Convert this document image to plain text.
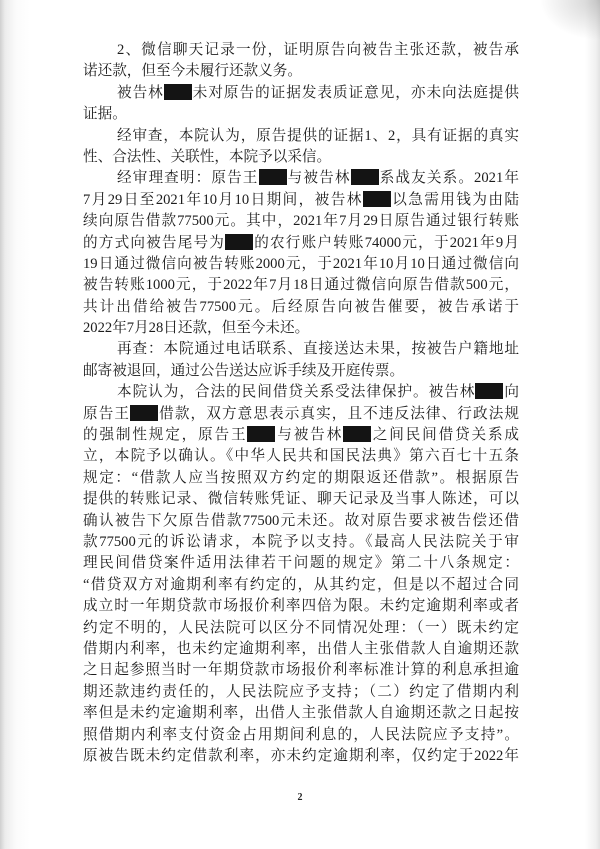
2、微信聊天记录一份，证明原告向被告主张还款，被告承
诺还款，但至今未履行还款义务。
被告林 未对原告的证据发表质证意见，亦未向法庭提供
证据。
经审查，本院认为，原告提供的证据1、2，具有证据的真实
性、合法性、关联性，本院予以采信。
经审理查明：原告王 与被告林 系战友关系。2021年
7月29日至2021年10月10日期间，被告林 以急需用钱为由陆
续向原告借款77500元。其中，2021年7月29日原告通过银行转账
的方式向被告尾号为 的农行账户转账74000元，于2021年9月
19日通过微信向被告转账2000元，于2021年10月10日通过微信向
被告转账1000元，于2022年7月18日通过微信向原告借款500元，
共计出借给被告77500元。后经原告向被告催要，被告承诺于
2022年7月28日还款，但至今未还。
再查：本院通过电话联系、直接送达未果，按被告户籍地址
邮寄被退回，通过公告送达应诉手续及开庭传票。
本院认为，合法的民间借贷关系受法律保护。被告林 向
原告王 借款，双方意思表示真实，且不违反法律、行政法规
的强制性规定，原告王 与被告林 之间民间借贷关系成
立，本院予以确认。《中华人民共和国民法典》第六百七十五条
规定：“借款人应当按照双方约定的期限返还借款”。根据原告
提供的转账记录、微信转账凭证、聊天记录及当事人陈述，可以
确认被告下欠原告借款77500元未还。故对原告要求被告偿还借
款77500元的诉讼请求，本院予以支持。《最高人民法院关于审
理民间借贷案件适用法律若干问题的规定》第二十八条规定：
“借贷双方对逾期利率有约定的，从其约定，但是以不超过合同
成立时一年期贷款市场报价利率四倍为限。未约定逾期利率或者
约定不明的，人民法院可以区分不同情况处理：（一）既未约定
借期内利率，也未约定逾期利率，出借人主张借款人自逾期还款
之日起参照当时一年期贷款市场报价利率标准计算的利息承担逾
期还款违约责任的，人民法院应予支持；（二）约定了借期内利
率但是未约定逾期利率，出借人主张借款人自逾期还款之日起按
照借期内利率支付资金占用期间利息的，人民法院应予支持”。
原被告既未约定借款利率，亦未约定逾期利率，仅约定于2022年
2
